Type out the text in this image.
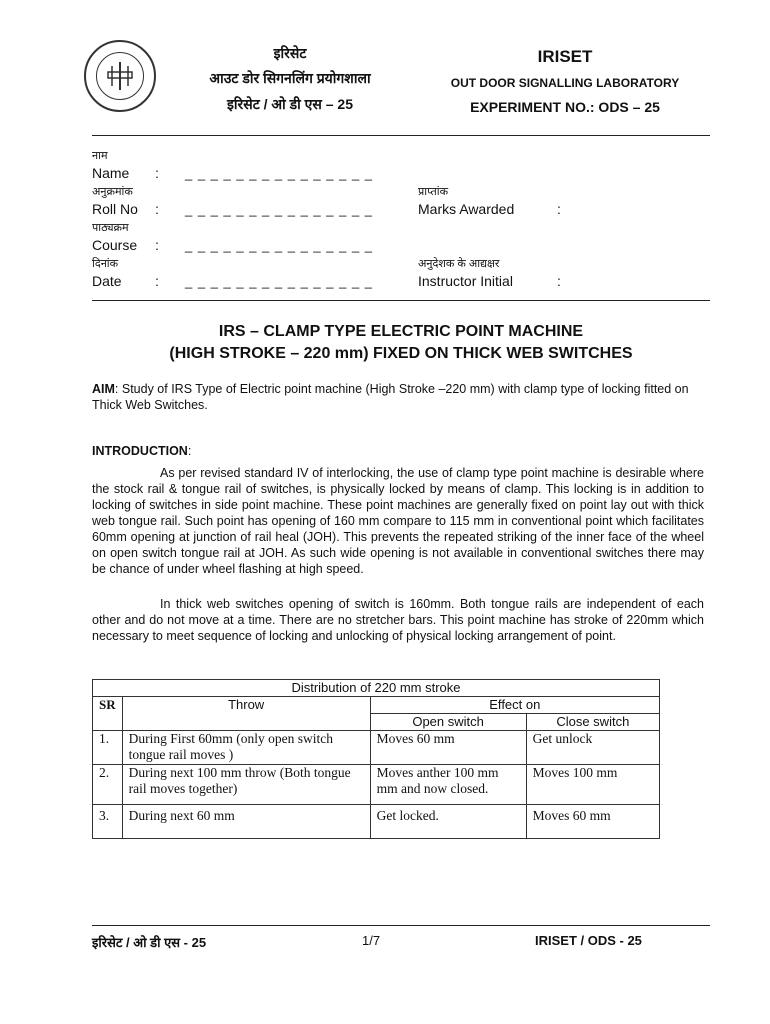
इरिसेट
आउट डोर सिगनलिंग प्रयोगशाला
इरिसेट / ओ डी एस – 25
IRISET
OUT DOOR SIGNALLING LABORATORY
EXPERIMENT NO.: ODS – 25
नाम
Name : _ _ _ _ _ _ _ _ _ _ _ _ _ _ _
अनुक्रमांक
Roll No : _ _ _ _ _ _ _ _ _ _ _ _ _ _ _
पाठ्यक्रम
Course : _ _ _ _ _ _ _ _ _ _ _ _ _ _ _
दिनांक
Date : _ _ _ _ _ _ _ _ _ _ _ _ _ _ _
प्राप्तांक
Marks Awarded	:
अनुदेशक के आद्यक्षर
Instructor Initial	:
IRS – CLAMP TYPE ELECTRIC POINT MACHINE
(HIGH STROKE – 220 mm) FIXED ON THICK WEB SWITCHES
AIM: Study of IRS Type of Electric point machine (High Stroke –220 mm) with clamp type of locking fitted on Thick Web Switches.
INTRODUCTION:
As per revised standard IV of interlocking, the use of clamp type point machine is desirable where the stock rail & tongue rail of switches, is physically locked by means of clamp. This locking is in addition to locking of switches in side point machine. These point machines are generally fixed on point lay out with thick web tongue rail. Such point has opening of 160 mm compare to 115 mm in conventional point which facilitates 60mm opening at junction of rail heal (JOH). This prevents the repeated striking of the inner face of the wheel on open switch tongue rail at JOH. As such wide opening is not available in conventional switches there may be chance of under wheel flashing at high speed.
In thick web switches opening of switch is 160mm. Both tongue rails are independent of each other and do not move at a time. There are no stretcher bars. This point machine has stroke of 220mm which necessary to meet sequence of locking and unlocking of physical locking arrangement of point.
Distribution of 220 mm stroke			
SR	Throw	Effect on	
		Open switch	Close switch
1.	During First 60mm (only open switch tongue rail moves )	Moves 60 mm	Get unlock
2.	During next 100 mm throw (Both tongue rail moves together)	Moves anther 100 mm mm and now closed.	Moves 100 mm
3.	During next 60 mm	Get locked.	Moves 60 mm
इरिसेट / ओ डी एस - 25	1/7	IRISET / ODS - 25
